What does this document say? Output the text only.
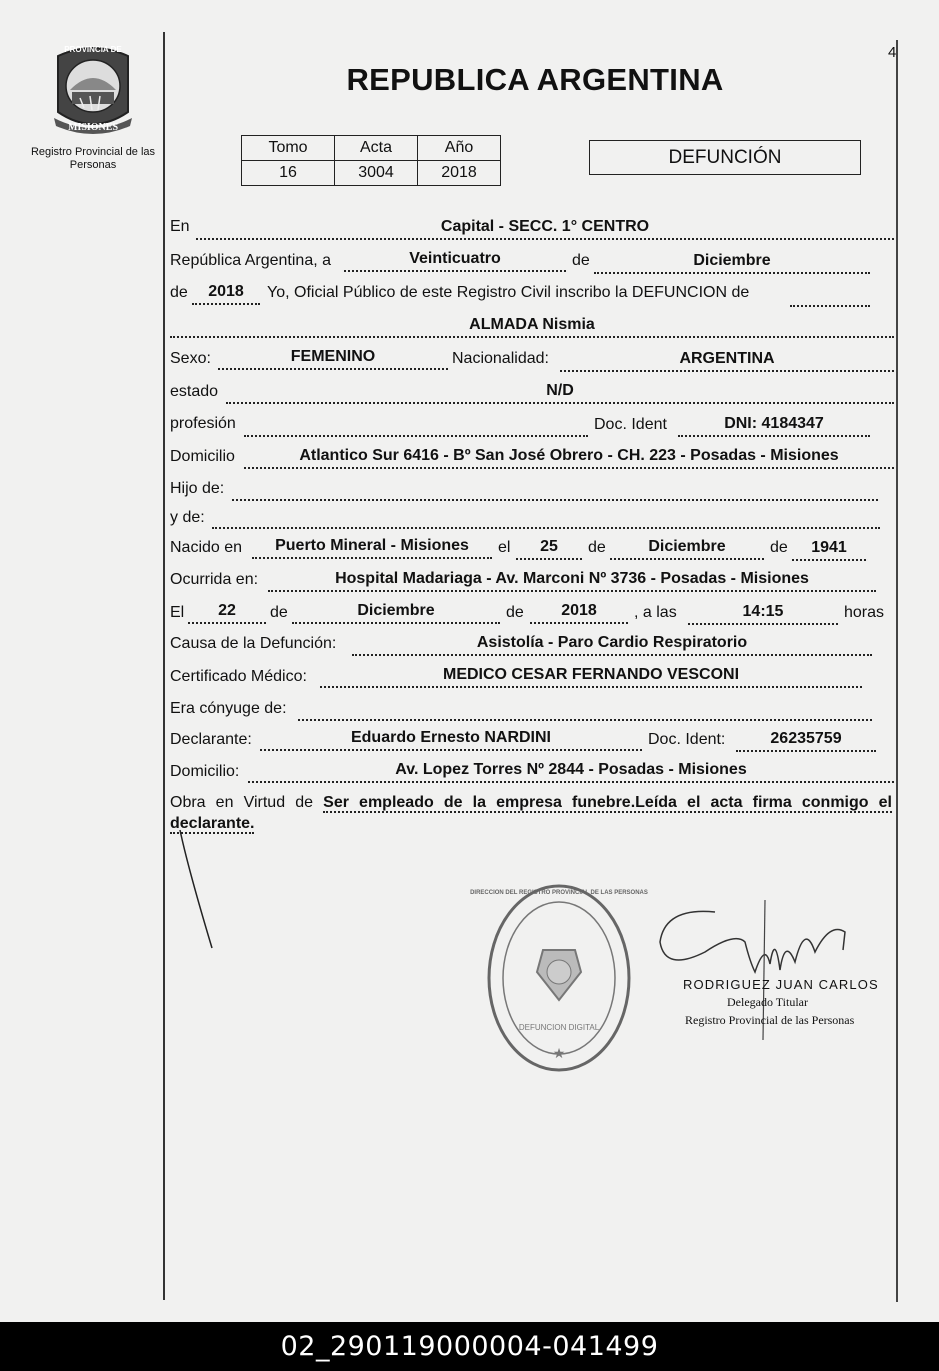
4
PROVINCIA DE
MISIONES
Registro Provincial de las Personas
REPUBLICA ARGENTINA
Tomo	Acta	Año
16	3004	2018
DEFUNCIÓN
En	Capital - SECC. 1° CENTRO
República Argentina, a	Veinticuatro	de	Diciembre
de	2018	Yo, Oficial Público de este Registro Civil inscribo la DEFUNCION de
ALMADA Nismia
Sexo:	FEMENINO	Nacionalidad:	ARGENTINA
estado	N/D
profesión	Doc. Ident	DNI: 4184347
Domicilio	Atlantico Sur 6416 - Bº San José Obrero - CH. 223 - Posadas - Misiones
Hijo de:
y de:
Nacido en	Puerto Mineral - Misiones	el	25	de	Diciembre	de	1941
Ocurrida en:	Hospital Madariaga - Av. Marconi Nº 3736 - Posadas - Misiones
El	22	de	Diciembre	de	2018	, a las	14:15	horas
Causa de la Defunción:	Asistolía - Paro Cardio Respiratorio
Certificado Médico:	MEDICO CESAR FERNANDO VESCONI
Era cónyuge de:
Declarante:	Eduardo Ernesto NARDINI	Doc. Ident:	26235759
Domicilio:	Av. Lopez Torres Nº 2844 - Posadas - Misiones
Obra en Virtud de Ser empleado de la empresa funebre.Leída el acta firma conmigo el declarante.
★
DIRECCION DEL REGISTRO PROVINCIAL DE LAS PERSONAS
DEFUNCION DIGITAL
RODRIGUEZ JUAN CARLOS
Delegado Titular
Registro Provincial de las Personas
02_290119000004-041499
